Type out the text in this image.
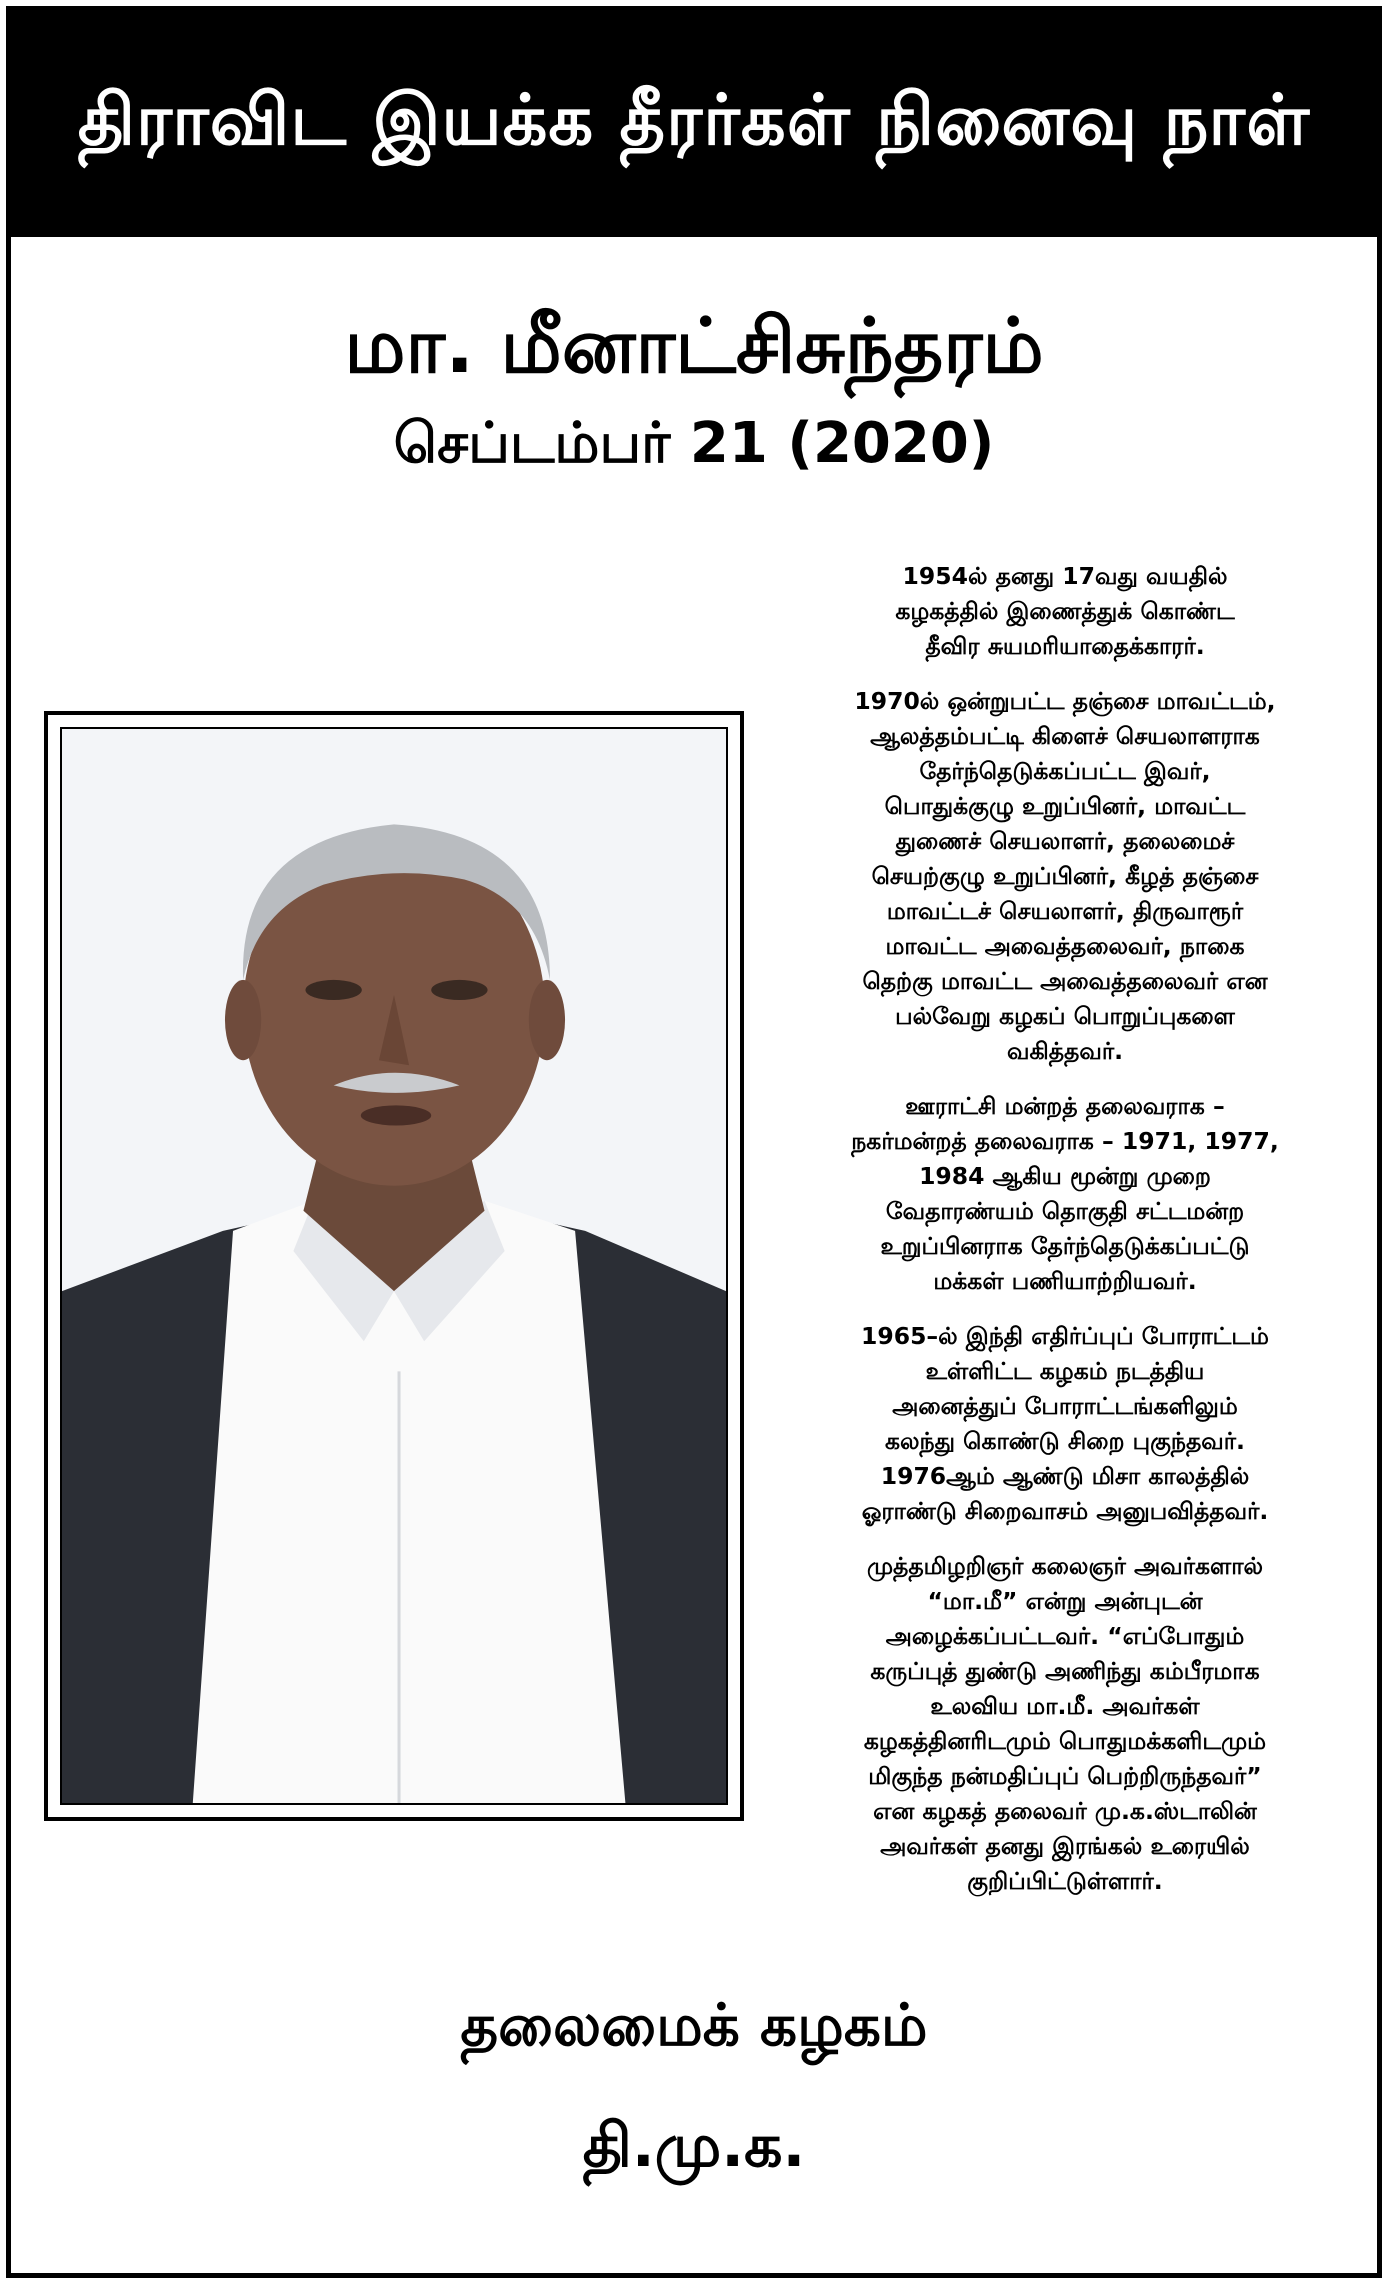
திராவிட இயக்க தீரர்கள் நினைவு நாள்
மா. மீனாட்சிசுந்தரம்
செப்டம்பர் 21 (2020)

1954ல் தனது 17வது வயதில்
கழகத்தில் இணைத்துக் கொண்ட
தீவிர சுயமரியாதைக்காரர்.

1970ல் ஒன்றுபட்ட தஞ்சை மாவட்டம்,
ஆலத்தம்பட்டி கிளைச் செயலாளராக
தேர்ந்தெடுக்கப்பட்ட இவர்,
பொதுக்குழு உறுப்பினர், மாவட்ட
துணைச் செயலாளர், தலைமைச்
செயற்குழு உறுப்பினர், கீழத் தஞ்சை
மாவட்டச் செயலாளர், திருவாரூர்
மாவட்ட அவைத்தலைவர், நாகை
தெற்கு மாவட்ட அவைத்தலைவர் என
பல்வேறு கழகப் பொறுப்புகளை
வகித்தவர்.

ஊராட்சி மன்றத் தலைவராக –
நகர்மன்றத் தலைவராக – 1971, 1977,
1984 ஆகிய மூன்று முறை
வேதாரண்யம் தொகுதி சட்டமன்ற
உறுப்பினராக தேர்ந்தெடுக்கப்பட்டு
மக்கள் பணியாற்றியவர்.

1965–ல் இந்தி எதிர்ப்புப் போராட்டம்
உள்ளிட்ட கழகம் நடத்திய
அனைத்துப் போராட்டங்களிலும்
கலந்து கொண்டு சிறை புகுந்தவர்.
1976ஆம் ஆண்டு மிசா காலத்தில்
ஓராண்டு சிறைவாசம் அனுபவித்தவர்.

முத்தமிழறிஞர் கலைஞர் அவர்களால்
“மா.மீ” என்று அன்புடன்
அழைக்கப்பட்டவர். “எப்போதும்
கருப்புத் துண்டு அணிந்து கம்பீரமாக
உலவிய மா.மீ. அவர்கள்
கழகத்தினரிடமும் பொதுமக்களிடமும்
மிகுந்த நன்மதிப்புப் பெற்றிருந்தவர்”
என கழகத் தலைவர் மு.க.ஸ்டாலின்
அவர்கள் தனது இரங்கல் உரையில்
குறிப்பிட்டுள்ளார்.

தலைமைக் கழகம்
தி.மு.க.
